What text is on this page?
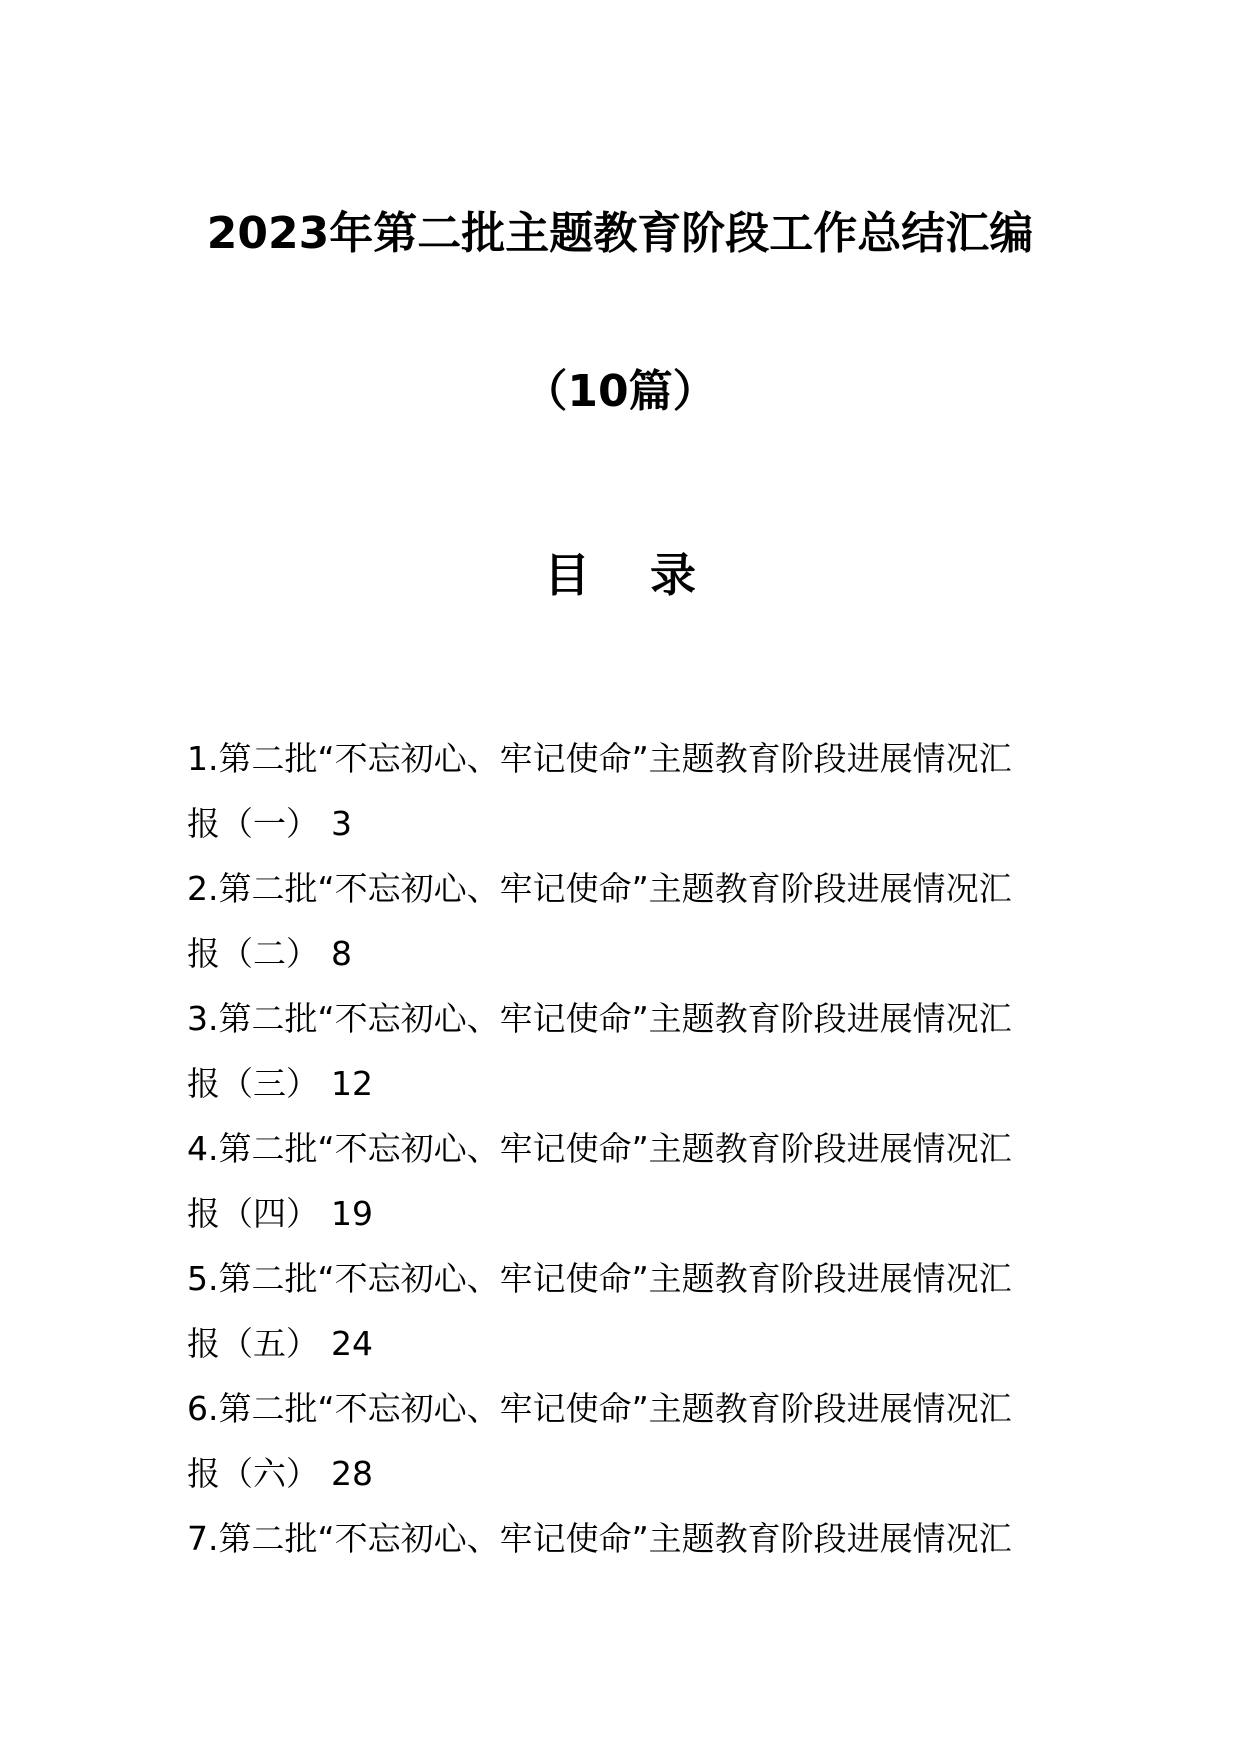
2023年第二批主题教育阶段工作总结汇编
（10篇）
目 录
1.第二批“不忘初心、牢记使命”主题教育阶段进展情况汇
报（一） 3
2.第二批“不忘初心、牢记使命”主题教育阶段进展情况汇
报（二） 8
3.第二批“不忘初心、牢记使命”主题教育阶段进展情况汇
报（三） 12
4.第二批“不忘初心、牢记使命”主题教育阶段进展情况汇
报（四） 19
5.第二批“不忘初心、牢记使命”主题教育阶段进展情况汇
报（五） 24
6.第二批“不忘初心、牢记使命”主题教育阶段进展情况汇
报（六） 28
7.第二批“不忘初心、牢记使命”主题教育阶段进展情况汇
